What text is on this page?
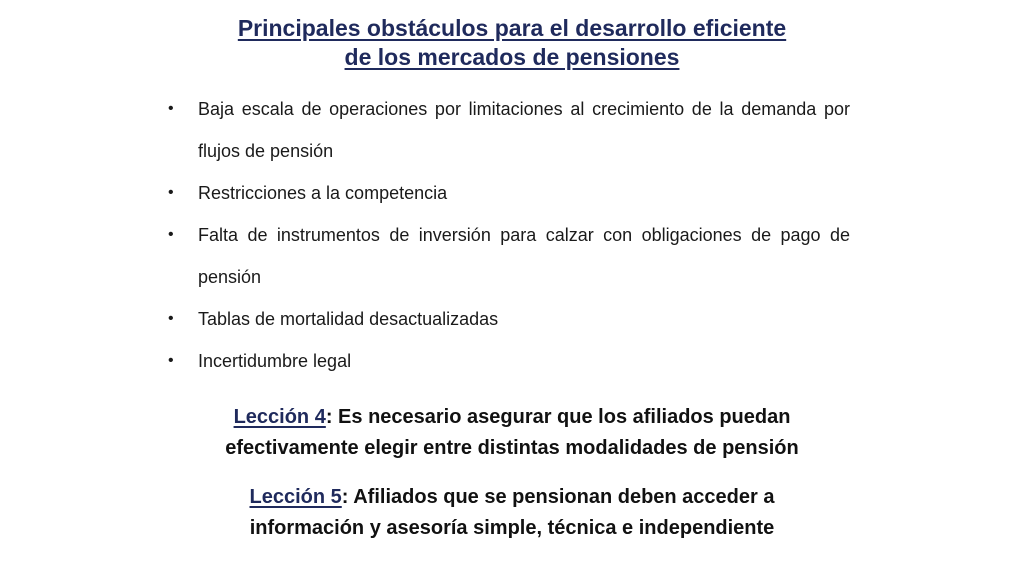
Principales obstáculos para el desarrollo eficiente
de los mercados de pensiones
• Baja escala de operaciones por limitaciones al crecimiento de la demanda por flujos de pensión
• Restricciones a la competencia
• Falta de instrumentos de inversión para calzar con obligaciones de pago de pensión
• Tablas de mortalidad desactualizadas
• Incertidumbre legal
Lección 4: Es necesario asegurar que los afiliados puedan
efectivamente elegir entre distintas modalidades de pensión
Lección 5: Afiliados que se pensionan deben acceder a
información y asesoría simple, técnica e independiente
